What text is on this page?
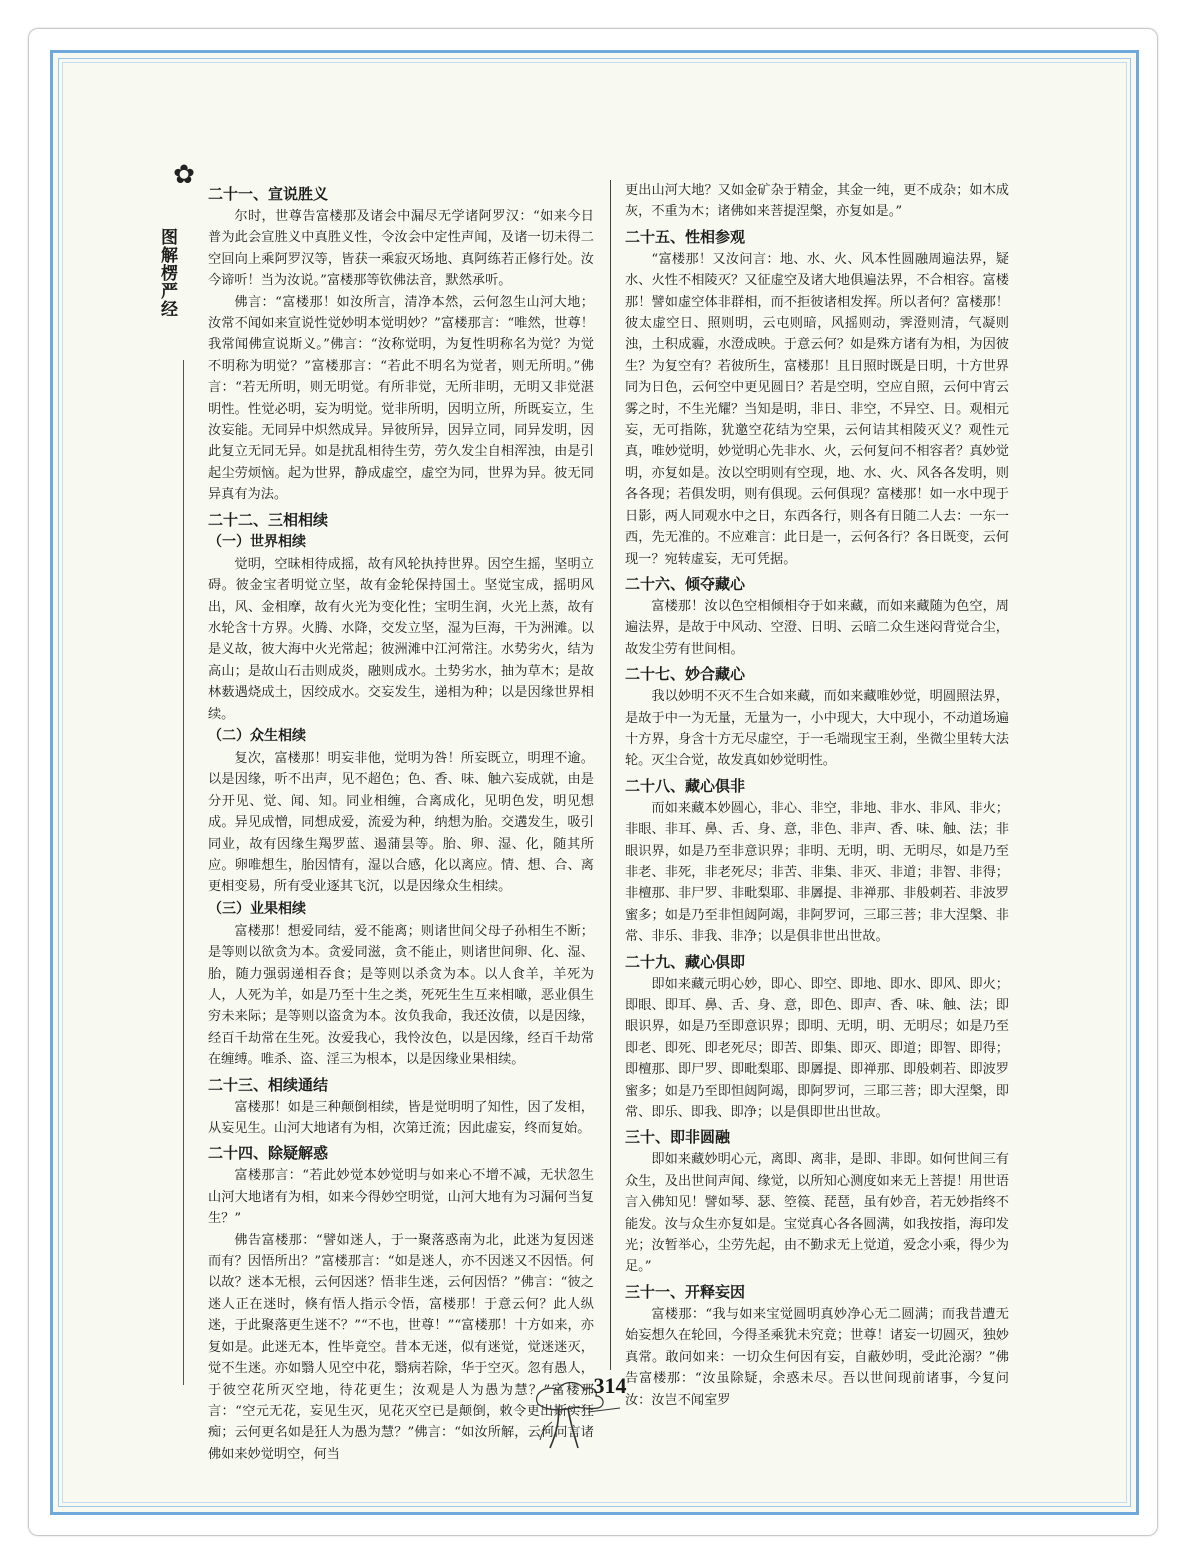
✿
图解楞严经
二十一、宣说胜义
尔时，世尊告富楼那及诸会中漏尽无学诸阿罗汉：“如来今日普为此会宣胜义中真胜义性，令汝会中定性声闻，及诸一切未得二空回向上乘阿罗汉等，皆获一乘寂灭场地、真阿练若正修行处。汝今谛听！当为汝说。”富楼那等钦佛法音，默然承听。
佛言：“富楼那！如汝所言，清净本然，云何忽生山河大地；汝常不闻如来宣说性觉妙明本觉明妙？”富楼那言：“唯然，世尊！我常闻佛宣说斯义。”佛言：“汝称觉明，为复性明称名为觉？为觉不明称为明觉？”富楼那言：“若此不明名为觉者，则无所明。”佛言：“若无所明，则无明觉。有所非觉，无所非明，无明又非觉湛明性。性觉必明，妄为明觉。觉非所明，因明立所，所既妄立，生汝妄能。无同异中炽然成异。异彼所异，因异立同，同异发明，因此复立无同无异。如是扰乱相待生劳，劳久发尘自相浑浊，由是引起尘劳烦恼。起为世界，静成虚空，虚空为同，世界为异。彼无同异真有为法。
二十二、三相相续
（一）世界相续
觉明，空昧相待成摇，故有风轮执持世界。因空生摇，坚明立碍。彼金宝者明觉立坚，故有金轮保持国土。坚觉宝成，摇明风出，风、金相摩，故有火光为变化性；宝明生润，火光上蒸，故有水轮含十方界。火腾、水降，交发立坚，湿为巨海，干为洲滩。以是义故，彼大海中火光常起；彼洲滩中江河常注。水势劣火，结为高山；是故山石击则成炎，融则成水。土势劣水，抽为草木；是故林薮遇烧成土，因绞成水。交妄发生，递相为种；以是因缘世界相续。
（二）众生相续
复次，富楼那！明妄非他，觉明为咎！所妄既立，明理不逾。以是因缘，听不出声，见不超色；色、香、味、触六妄成就，由是分开见、觉、闻、知。同业相缠，合离成化，见明色发，明见想成。异见成憎，同想成爱，流爱为种，纳想为胎。交遘发生，吸引同业，故有因缘生羯罗蓝、遏蒲昙等。胎、卵、湿、化，随其所应。卵唯想生，胎因情有，湿以合感，化以离应。情、想、合、离更相变易，所有受业逐其飞沉，以是因缘众生相续。
（三）业果相续
富楼那！想爱同结，爱不能离；则诸世间父母子孙相生不断；是等则以欲贪为本。贪爱同滋，贪不能止，则诸世间卵、化、湿、胎，随力强弱递相吞食；是等则以杀贪为本。以人食羊，羊死为人，人死为羊，如是乃至十生之类，死死生生互来相噉，恶业俱生穷未来际；是等则以盗贪为本。汝负我命，我还汝债，以是因缘，经百千劫常在生死。汝爱我心，我怜汝色，以是因缘，经百千劫常在缠缚。唯杀、盗、淫三为根本，以是因缘业果相续。
二十三、相续通结
富楼那！如是三种颠倒相续，皆是觉明明了知性，因了发相，从妄见生。山河大地诸有为相，次第迁流；因此虚妄，终而复始。
二十四、除疑解惑
富楼那言：“若此妙觉本妙觉明与如来心不增不减，无状忽生山河大地诸有为相，如来今得妙空明觉，山河大地有为习漏何当复生？”
佛告富楼那：“譬如迷人，于一聚落惑南为北，此迷为复因迷而有？因悟所出？”富楼那言：“如是迷人，亦不因迷又不因悟。何以故？迷本无根，云何因迷？悟非生迷，云何因悟？”佛言：“彼之迷人正在迷时，倏有悟人指示令悟，富楼那！于意云何？此人纵迷，于此聚落更生迷不？”“不也，世尊！”“富楼那！十方如来，亦复如是。此迷无本，性毕竟空。昔本无迷，似有迷觉，觉迷迷灭，觉不生迷。亦如翳人见空中花，翳病若除，华于空灭。忽有愚人，于彼空花所灭空地，待花更生；汝观是人为愚为慧？”富楼那言：“空元无花，妄见生灭，见花灭空已是颠倒，敕令更出斯实狂痴；云何更名如是狂人为愚为慧？”佛言：“如汝所解，云何问言诸佛如来妙觉明空，何当
更出山河大地？又如金矿杂于精金，其金一纯，更不成杂；如木成灰，不重为木；诸佛如来菩提涅槃，亦复如是。”
二十五、性相参观
“富楼那！又汝问言：地、水、火、风本性圆融周遍法界，疑水、火性不相陵灭？又征虚空及诸大地俱遍法界，不合相容。富楼那！譬如虚空体非群相，而不拒彼诸相发挥。所以者何？富楼那！彼太虚空日、照则明，云屯则暗，风摇则动，霁澄则清，气凝则浊，土积成霾，水澄成映。于意云何？如是殊方诸有为相，为因彼生？为复空有？若彼所生，富楼那！且日照时既是日明，十方世界同为日色，云何空中更见圆日？若是空明，空应自照，云何中宵云雾之时，不生光耀？当知是明，非日、非空，不异空、日。观相元妄，无可指陈，犹邀空花结为空果，云何诘其相陵灭义？观性元真，唯妙觉明，妙觉明心先非水、火，云何复问不相容者？真妙觉明，亦复如是。汝以空明则有空现，地、水、火、风各各发明，则各各现；若俱发明，则有俱现。云何俱现？富楼那！如一水中现于日影，两人同观水中之日，东西各行，则各有日随二人去：一东一西，先无准的。不应难言：此日是一，云何各行？各日既变，云何现一？宛转虚妄，无可凭据。
二十六、倾夺藏心
富楼那！汝以色空相倾相夺于如来藏，而如来藏随为色空，周遍法界，是故于中风动、空澄、日明、云暗二众生迷闷背觉合尘，故发尘劳有世间相。
二十七、妙合藏心
我以妙明不灭不生合如来藏，而如来藏唯妙觉，明圆照法界，是故于中一为无量，无量为一，小中现大，大中现小，不动道场遍十方界，身含十方无尽虚空，于一毛端现宝王刹，坐微尘里转大法轮。灭尘合觉，故发真如妙觉明性。
二十八、藏心俱非
而如来藏本妙圆心，非心、非空，非地、非水、非风、非火；非眼、非耳、鼻、舌、身、意，非色、非声、香、味、触、法；非眼识界，如是乃至非意识界；非明、无明，明、无明尽，如是乃至非老、非死，非老死尽；非苦、非集、非灭、非道；非智、非得；非檀那、非尸罗、非毗梨耶、非羼提、非禅那、非般刺若、非波罗蜜多；如是乃至非怛闼阿竭，非阿罗诃，三耶三菩；非大涅槃、非常、非乐、非我、非净；以是俱非世出世故。
二十九、藏心俱即
即如来藏元明心妙，即心、即空、即地、即水、即风、即火；即眼、即耳、鼻、舌、身、意，即色、即声、香、味、触、法；即眼识界，如是乃至即意识界；即明、无明，明、无明尽；如是乃至即老、即死、即老死尽；即苦、即集、即灭、即道；即智、即得；即檀那、即尸罗、即毗梨耶、即羼提、即禅那、即般刺若、即波罗蜜多；如是乃至即怛闼阿竭，即阿罗诃，三耶三菩；即大涅槃，即常、即乐、即我、即净；以是俱即世出世故。
三十、即非圆融
即如来藏妙明心元，离即、离非，是即、非即。如何世间三有众生，及出世间声闻、缘觉，以所知心测度如来无上菩提！用世语言入佛知见！譬如琴、瑟、箜篌、琵琶，虽有妙音，若无妙指终不能发。汝与众生亦复如是。宝觉真心各各圆满，如我按指，海印发光；汝暂举心，尘劳先起，由不勤求无上觉道，爱念小乘，得少为足。”
三十一、开释妄因
富楼那：“我与如来宝觉圆明真妙净心无二圆满；而我昔遭无始妄想久在轮回，今得圣乘犹未究竟；世尊！诸妄一切圆灭，独妙真常。敢问如来：一切众生何因有妄，自蔽妙明，受此沦溺？”佛告富楼那：“汝虽除疑，余惑未尽。吾以世间现前诸事，今复问汝：汝岂不闻室罗
314
